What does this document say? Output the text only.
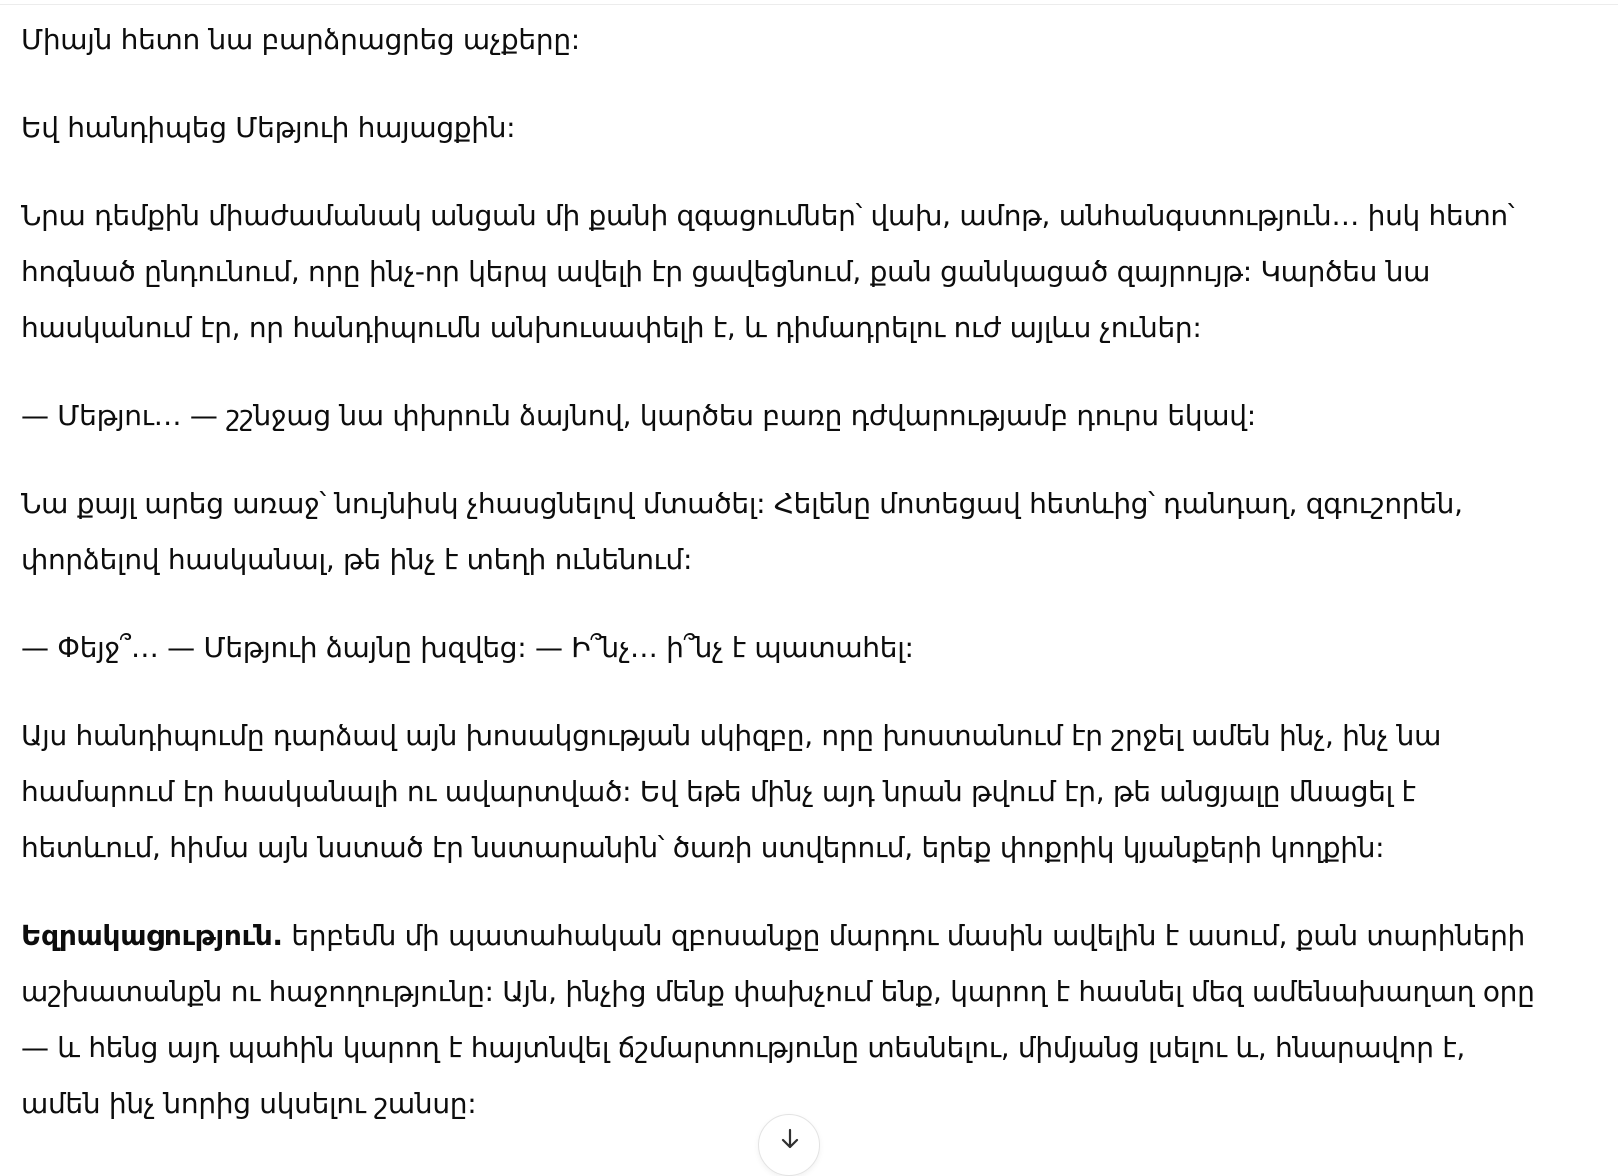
Միայն հետո նա բարձրացրեց աչքերը:

Եվ հանդիպեց Մեթյուի հայացքին:

Նրա դեմքին միաժամանակ անցան մի քանի զգացումներ՝ վախ, ամոթ, անհանգստություն… իսկ հետո՝ հոգնած ընդունում, որը ինչ-որ կերպ ավելի էր ցավեցնում, քան ցանկացած զայրույթ: Կարծես նա հասկանում էր, որ հանդիպումն անխուսափելի է, և դիմադրելու ուժ այլևս չուներ:

— Մեթյու… — շշնջաց նա փխրուն ձայնով, կարծես բառը դժվարությամբ դուրս եկավ:

Նա քայլ արեց առաջ՝ նույնիսկ չհասցնելով մտածել: Հելենը մոտեցավ հետևից՝ դանդաղ, զգուշորեն, փորձելով հասկանալ, թե ինչ է տեղի ունենում:

— Փեյջ՞… — Մեթյուի ձայնը խզվեց: — Ի՞նչ… ի՞նչ է պատահել:

Այս հանդիպումը դարձավ այն խոսակցության սկիզբը, որը խոստանում էր շրջել ամեն ինչ, ինչ նա համարում էր հասկանալի ու ավարտված: Եվ եթե մինչ այդ նրան թվում էր, թե անցյալը մնացել է հետևում, հիմա այն նստած էր նստարանին՝ ծառի ստվերում, երեք փոքրիկ կյանքերի կողքին:

Եզրակացություն. երբեմն մի պատահական զբոսանքը մարդու մասին ավելին է ասում, քան տարիների աշխատանքն ու հաջողությունը: Այն, ինչից մենք փախչում ենք, կարող է հասնել մեզ ամենախաղաղ օրը — և հենց այդ պահին կարող է հայտնվել ճշմարտությունը տեսնելու, միմյանց լսելու և, հնարավոր է, ամեն ինչ նորից սկսելու շանսը:
